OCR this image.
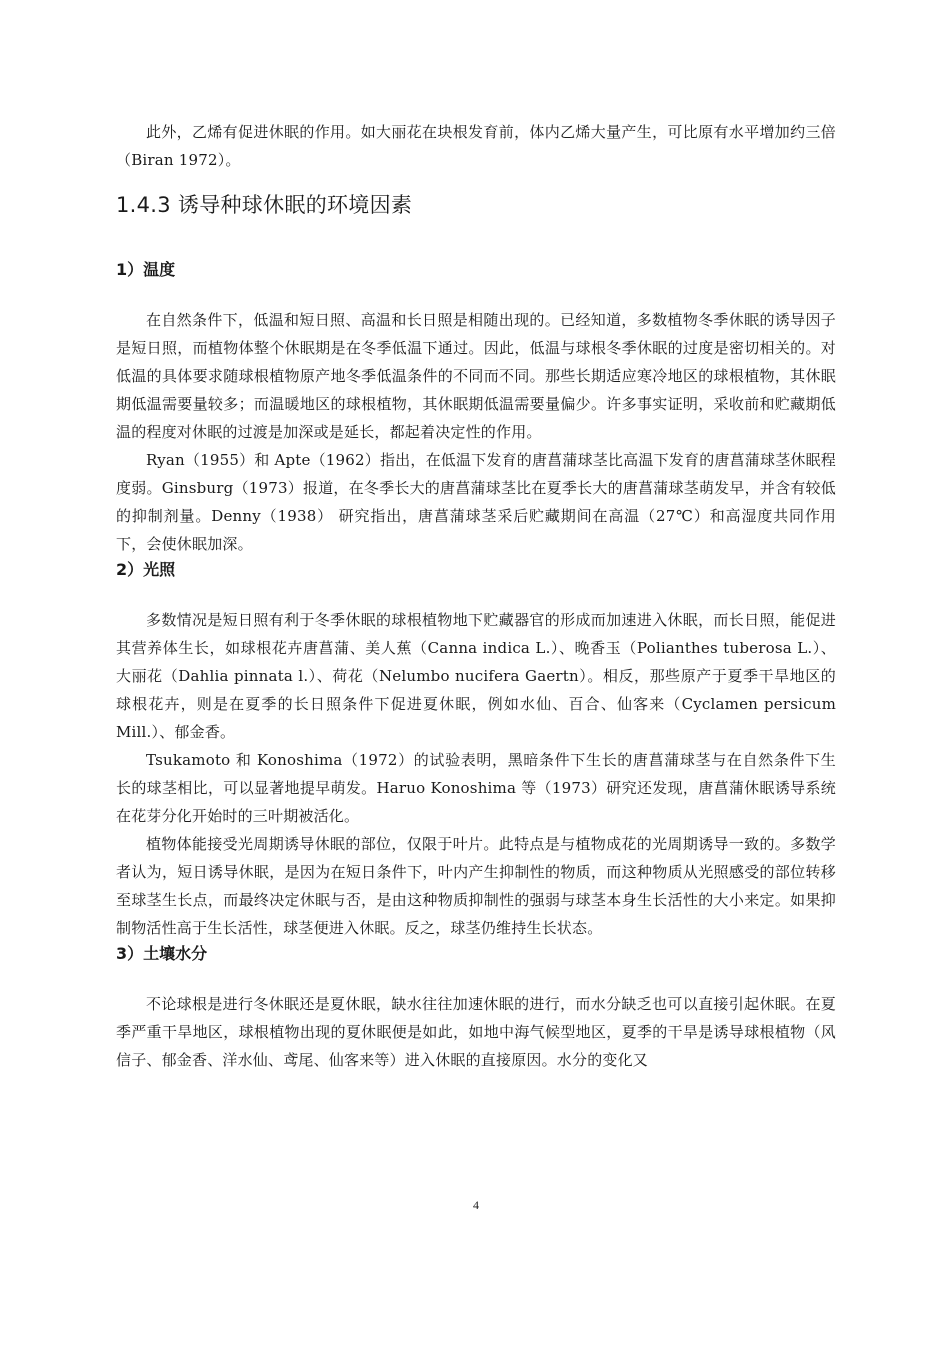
此外，乙烯有促进休眠的作用。如大丽花在块根发育前，体内乙烯大量产生，可比原有水平增加约三倍（Biran 1972）。

1.4.3 诱导种球休眠的环境因素
1）温度

在自然条件下，低温和短日照、高温和长日照是相随出现的。已经知道，多数植物冬季休眠的诱导因子是短日照，而植物体整个休眠期是在冬季低温下通过。因此，低温与球根冬季休眠的过度是密切相关的。对低温的具体要求随球根植物原产地冬季低温条件的不同而不同。那些长期适应寒冷地区的球根植物，其休眠期低温需要量较多；而温暖地区的球根植物，其休眠期低温需要量偏少。许多事实证明，采收前和贮藏期低温的程度对休眠的过渡是加深或是延长，都起着决定性的作用。

Ryan（1955）和 Apte（1962）指出，在低温下发育的唐菖蒲球茎比高温下发育的唐菖蒲球茎休眠程度弱。Ginsburg（1973）报道，在冬季长大的唐菖蒲球茎比在夏季长大的唐菖蒲球茎萌发早，并含有较低的抑制剂量。Denny（1938） 研究指出，唐菖蒲球茎采后贮藏期间在高温（27℃）和高湿度共同作用下，会使休眠加深。

2）光照

多数情况是短日照有利于冬季休眠的球根植物地下贮藏器官的形成而加速进入休眠，而长日照，能促进其营养体生长，如球根花卉唐菖蒲、美人蕉（Canna indica L.）、晚香玉（Polianthes tuberosa L.）、大丽花（Dahlia pinnata l.）、荷花（Nelumbo nucifera Gaertn）。相反，那些原产于夏季干旱地区的球根花卉，则是在夏季的长日照条件下促进夏休眠，例如水仙、百合、仙客来（Cyclamen persicum Mill.）、郁金香。

Tsukamoto 和 Konoshima（1972）的试验表明，黑暗条件下生长的唐菖蒲球茎与在自然条件下生长的球茎相比，可以显著地提早萌发。Haruo Konoshima 等（1973）研究还发现，唐菖蒲休眠诱导系统在花芽分化开始时的三叶期被活化。

植物体能接受光周期诱导休眠的部位，仅限于叶片。此特点是与植物成花的光周期诱导一致的。多数学者认为，短日诱导休眠，是因为在短日条件下，叶内产生抑制性的物质，而这种物质从光照感受的部位转移至球茎生长点，而最终决定休眠与否，是由这种物质抑制性的强弱与球茎本身生长活性的大小来定。如果抑制物活性高于生长活性，球茎便进入休眠。反之，球茎仍维持生长状态。

3）土壤水分

不论球根是进行冬休眠还是夏休眠，缺水往往加速休眠的进行，而水分缺乏也可以直接引起休眠。在夏季严重干旱地区，球根植物出现的夏休眠便是如此，如地中海气候型地区，夏季的干旱是诱导球根植物（风信子、郁金香、洋水仙、鸢尾、仙客来等）进入休眠的直接原因。水分的变化又

4
